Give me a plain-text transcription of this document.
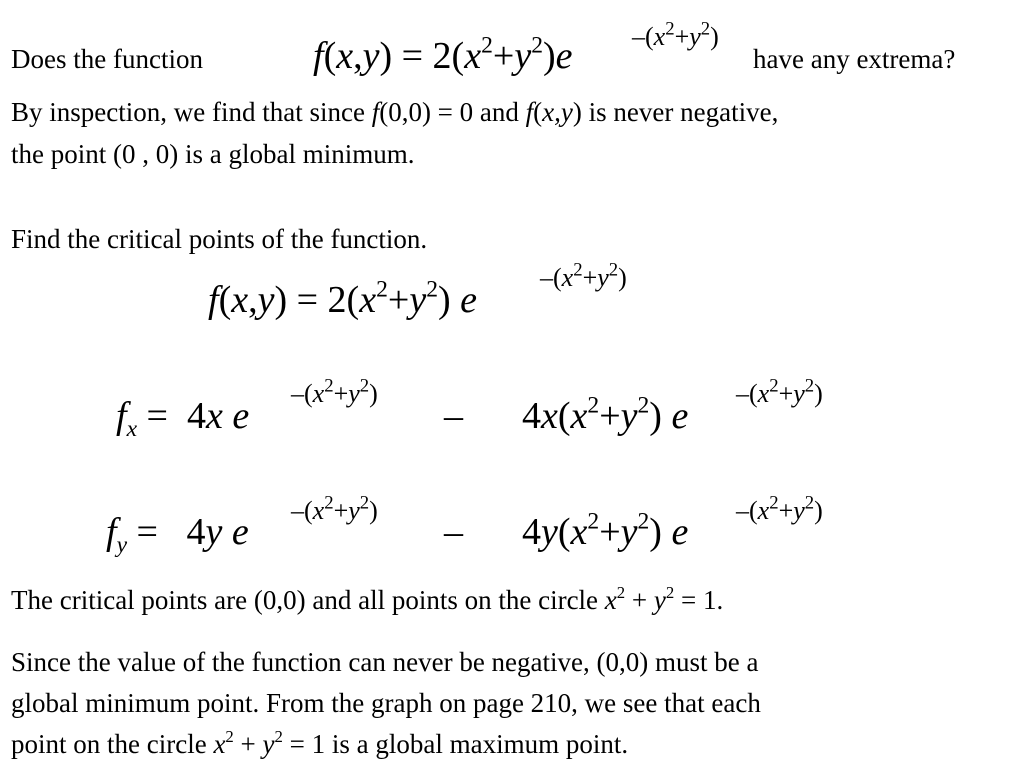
Does the function	$f(x,y) = 2(x^2+y^2)e$ $-(x^2+y^2)$
have any extrema?
By inspection, we find that since f(0,0) = 0 and f(x,y) is never negative,
the point (0 , 0) is a global minimum.
Find the critical points of the function.
$f(x,y) = 2(x^2+y^2)$ e
$-(x^2+y^2)$
$f_x = 4x$ e
$-(x^2+y^2)$
– $4x(x^2+y^2)$ e
$-(x^2+y^2)$
$f_y = 4y$ e
$-(x^2+y^2)$
– $4y(x^2+y^2)$ e
$-(x^2+y^2)$
The critical points are (0,0) and all points on the circle $x^2 + y^2 = 1$.
Since the value of the function can never be negative, (0,0) must be a
global minimum point. From the graph on page 210, we see that each
point on the circle $x^2 + y^2 = 1$ is a global maximum point.
